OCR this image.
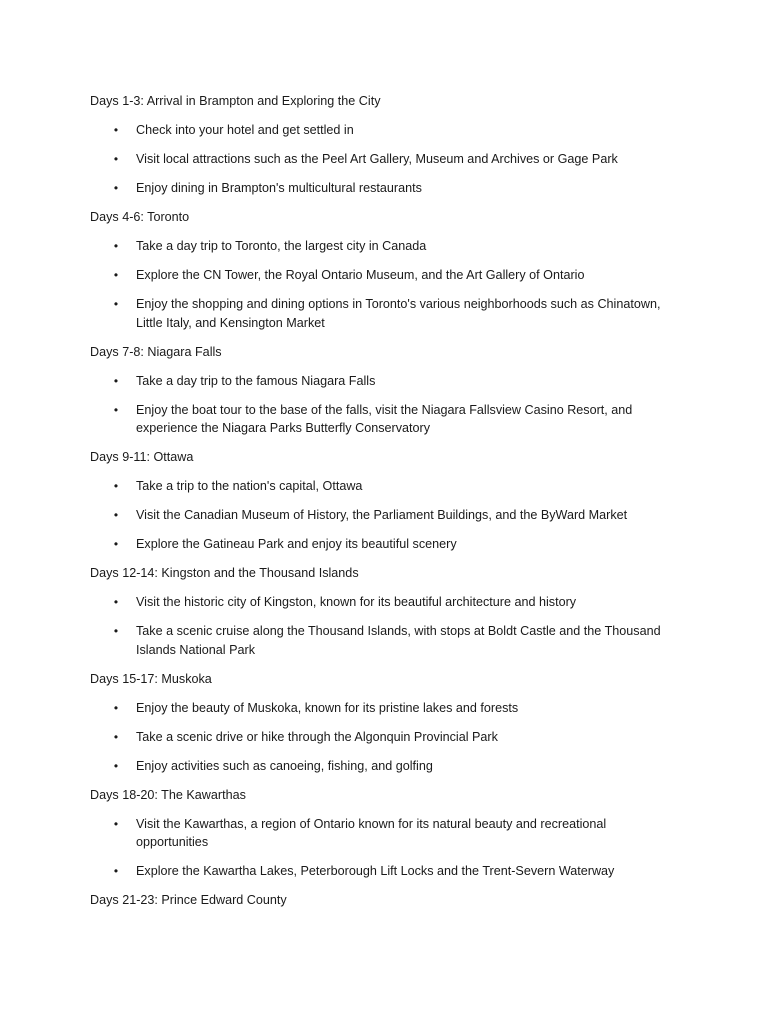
Days 1-3: Arrival in Brampton and Exploring the City

•
Check into your hotel and get settled in
•
Visit local attractions such as the Peel Art Gallery, Museum and Archives or Gage Park
•
Enjoy dining in Brampton's multicultural restaurants

Days 4-6: Toronto

•
Take a day trip to Toronto, the largest city in Canada
•
Explore the CN Tower, the Royal Ontario Museum, and the Art Gallery of Ontario
•
Enjoy the shopping and dining options in Toronto's various neighborhoods such as Chinatown, Little Italy, and Kensington Market

Days 7-8: Niagara Falls

•
Take a day trip to the famous Niagara Falls
•
Enjoy the boat tour to the base of the falls, visit the Niagara Fallsview Casino Resort, and experience the Niagara Parks Butterfly Conservatory

Days 9-11: Ottawa

•
Take a trip to the nation's capital, Ottawa
•
Visit the Canadian Museum of History, the Parliament Buildings, and the ByWard Market
•
Explore the Gatineau Park and enjoy its beautiful scenery

Days 12-14: Kingston and the Thousand Islands

•
Visit the historic city of Kingston, known for its beautiful architecture and history
•
Take a scenic cruise along the Thousand Islands, with stops at Boldt Castle and the Thousand Islands National Park

Days 15-17: Muskoka

•
Enjoy the beauty of Muskoka, known for its pristine lakes and forests
•
Take a scenic drive or hike through the Algonquin Provincial Park
•
Enjoy activities such as canoeing, fishing, and golfing

Days 18-20: The Kawarthas

•
Visit the Kawarthas, a region of Ontario known for its natural beauty and recreational opportunities
•
Explore the Kawartha Lakes, Peterborough Lift Locks and the Trent-Severn Waterway

Days 21-23: Prince Edward County
